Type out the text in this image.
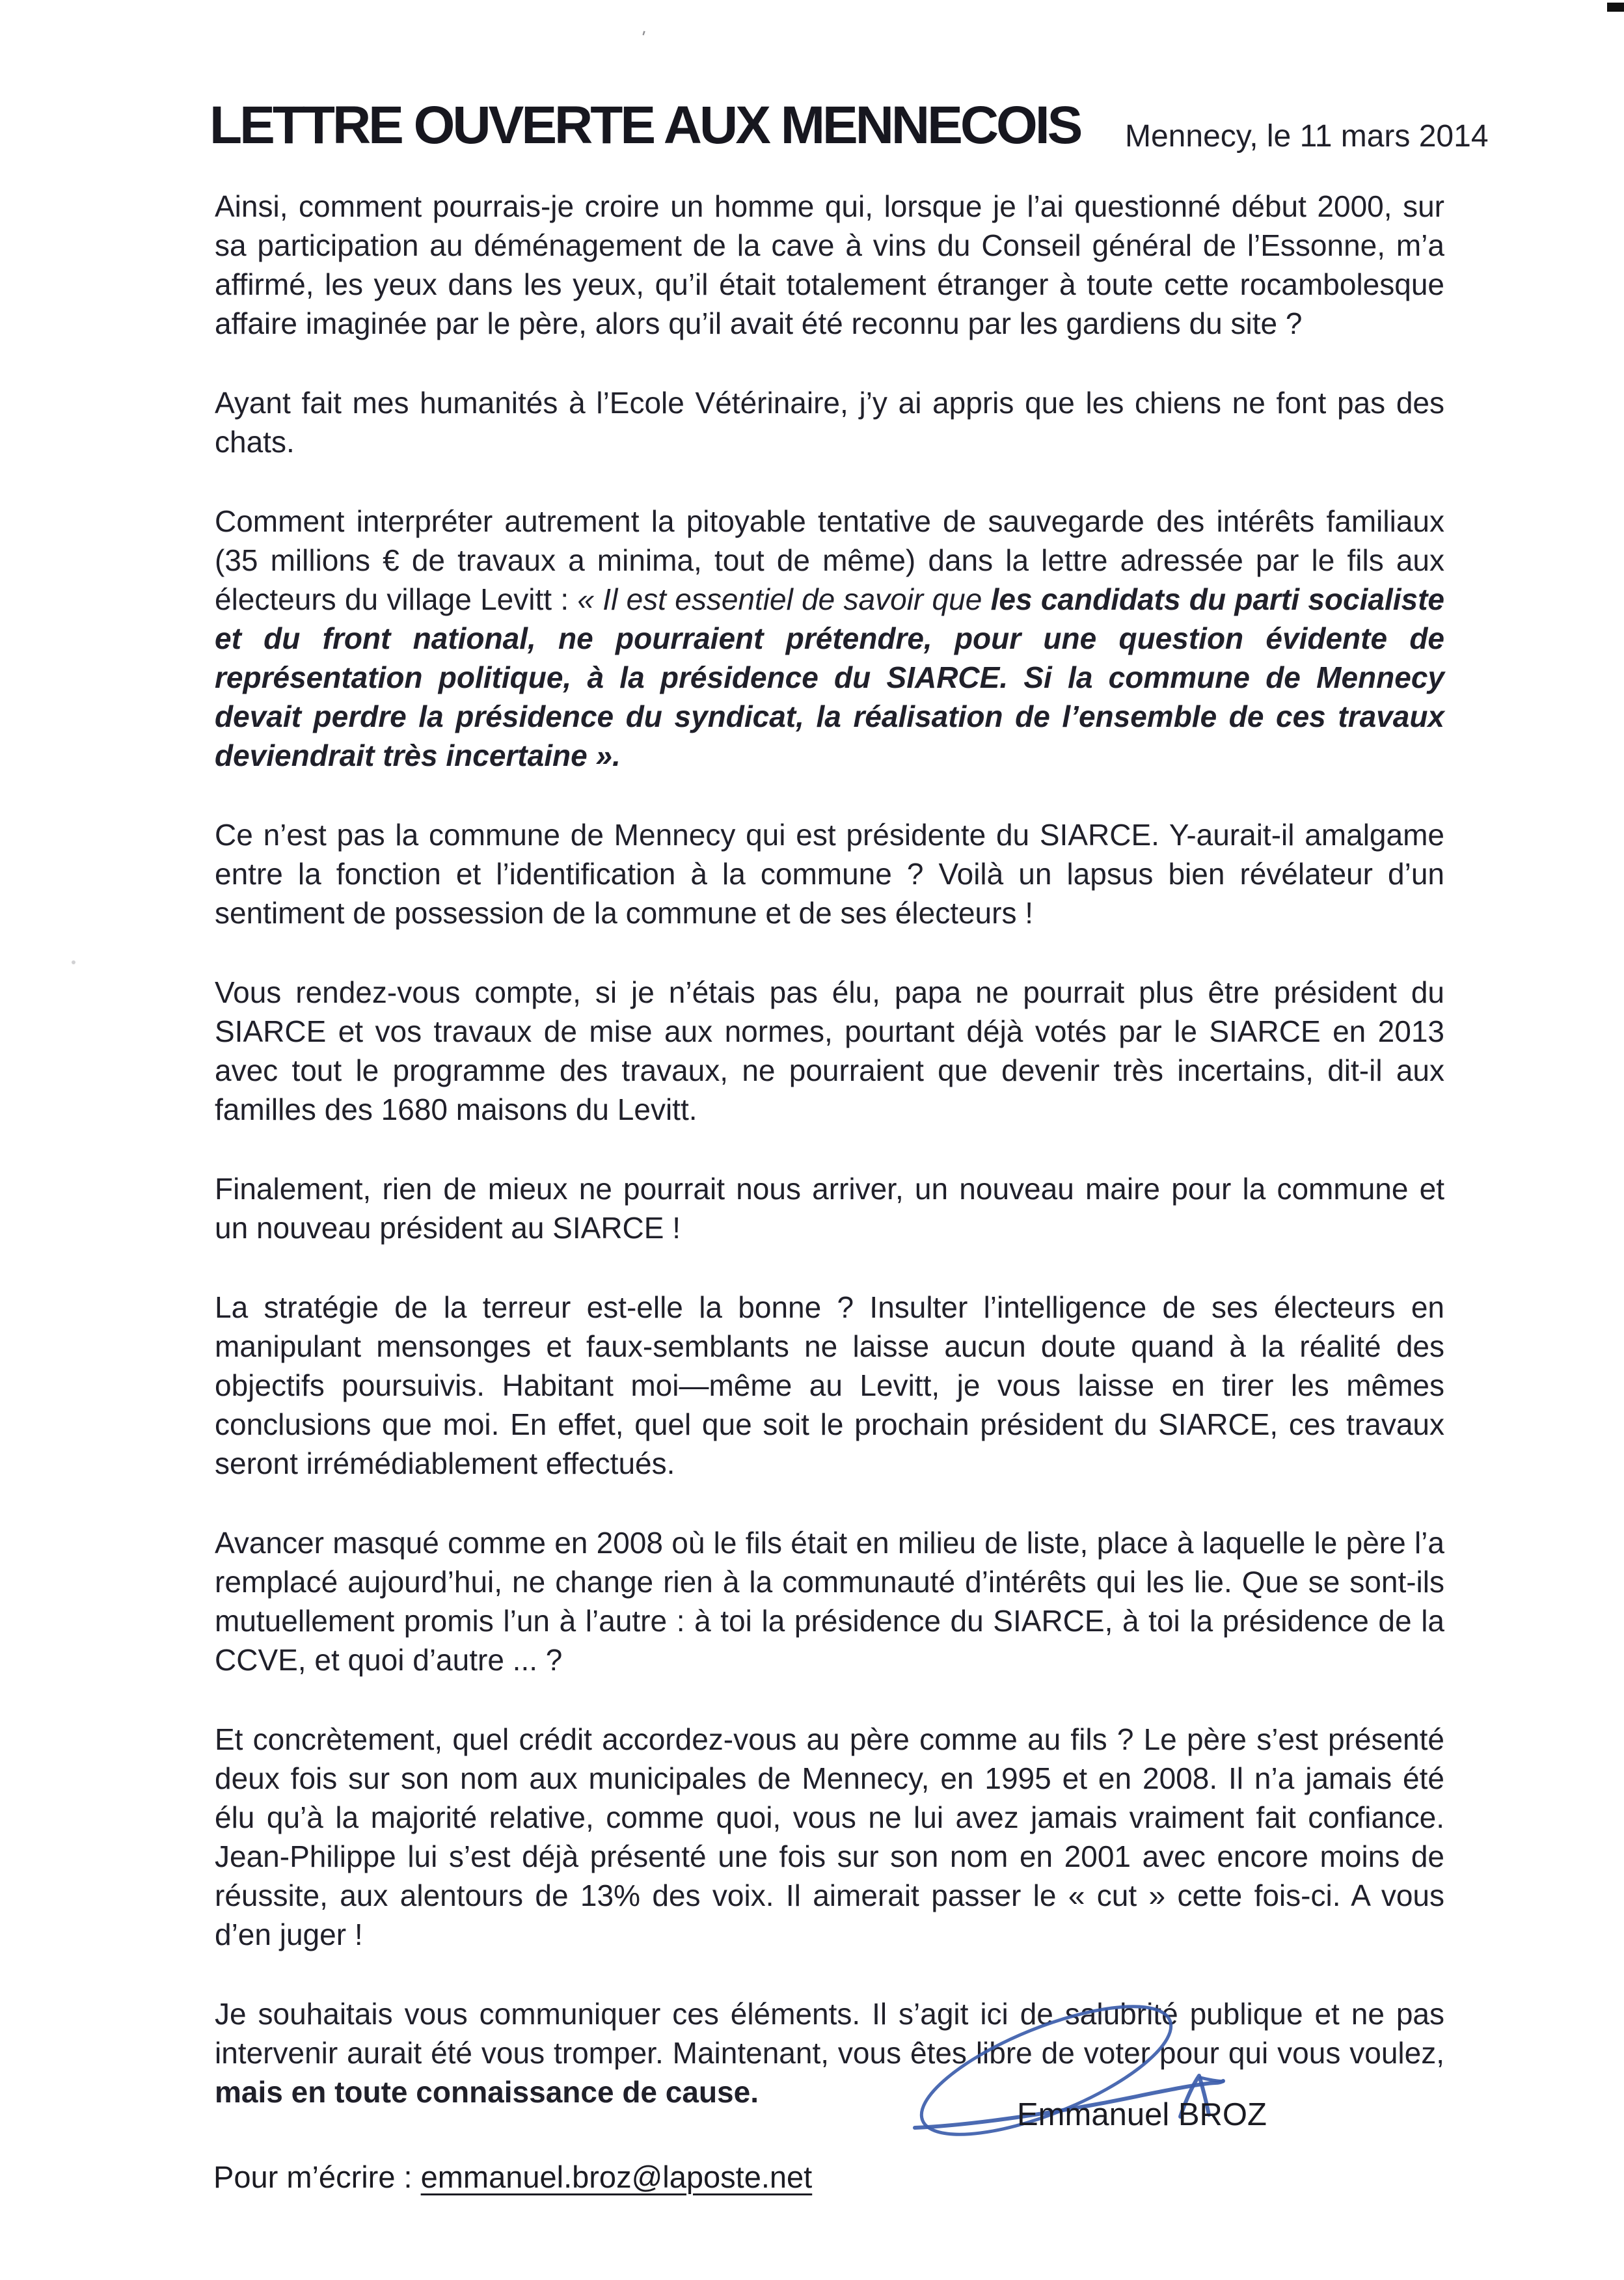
'
LETTRE OUVERTE AUX MENNECOIS Mennecy, le 11 mars 2014

Ainsi, comment pourrais-je croire un homme qui, lorsque je l’ai questionné début 2000, sur sa participation au déménagement de la cave à vins du Conseil général de l’Essonne, m’a affirmé, les yeux dans les yeux, qu’il était totalement étranger à toute cette rocambolesque affaire imaginée par le père, alors qu’il avait été reconnu par les gardiens du site ?

Ayant fait mes humanités à l’Ecole Vétérinaire, j’y ai appris que les chiens ne font pas des chats.

Comment interpréter autrement la pitoyable tentative de sauvegarde des intérêts familiaux (35 millions € de travaux a minima, tout de même) dans la lettre adressée par le fils aux électeurs du village Levitt : « Il est essentiel de savoir que les candidats du parti socialiste et du front national, ne pourraient prétendre, pour une question évidente de représentation politique, à la présidence du SIARCE. Si la commune de Mennecy devait perdre la présidence du syndicat, la réalisation de l’ensemble de ces travaux deviendrait très incertaine ».

Ce n’est pas la commune de Mennecy qui est présidente du SIARCE. Y-aurait-il amalgame entre la fonction et l’identification à la commune ? Voilà un lapsus bien révélateur d’un sentiment de possession de la commune et de ses électeurs !

Vous rendez-vous compte, si je n’étais pas élu, papa ne pourrait plus être président du SIARCE et vos travaux de mise aux normes, pourtant déjà votés par le SIARCE en 2013 avec tout le programme des travaux, ne pourraient que devenir très incertains, dit-il aux familles des 1680 maisons du Levitt.

Finalement, rien de mieux ne pourrait nous arriver, un nouveau maire pour la commune et un nouveau président au SIARCE !

La stratégie de la terreur est-elle la bonne ? Insulter l’intelligence de ses électeurs en manipulant mensonges et faux-semblants ne laisse aucun doute quand à la réalité des objectifs poursuivis. Habitant moi—même au Levitt, je vous laisse en tirer les mêmes conclusions que moi. En effet, quel que soit le prochain président du SIARCE, ces travaux seront irrémédiablement effectués.

Avancer masqué comme en 2008 où le fils était en milieu de liste, place à laquelle le père l’a remplacé aujourd’hui, ne change rien à la communauté d’intérêts qui les lie. Que se sont-ils mutuellement promis l’un à l’autre : à toi la présidence du SIARCE, à toi la présidence de la CCVE, et quoi d’autre ... ?

Et concrètement, quel crédit accordez-vous au père comme au fils ? Le père s’est présenté deux fois sur son nom aux municipales de Mennecy, en 1995 et en 2008. Il n’a jamais été élu qu’à la majorité relative, comme quoi, vous ne lui avez jamais vraiment fait confiance. Jean-Philippe lui s’est déjà présenté une fois sur son nom en 2001 avec encore moins de réussite, aux alentours de 13% des voix. Il aimerait passer le « cut » cette fois-ci. A vous d’en juger !

Je souhaitais vous communiquer ces éléments. Il s’agit ici de salubrité publique et ne pas intervenir aurait été vous tromper. Maintenant, vous êtes libre de voter pour qui vous voulez, mais en toute connaissance de cause.

Emmanuel BROZ
Pour m’écrire : emmanuel.broz@laposte.net
